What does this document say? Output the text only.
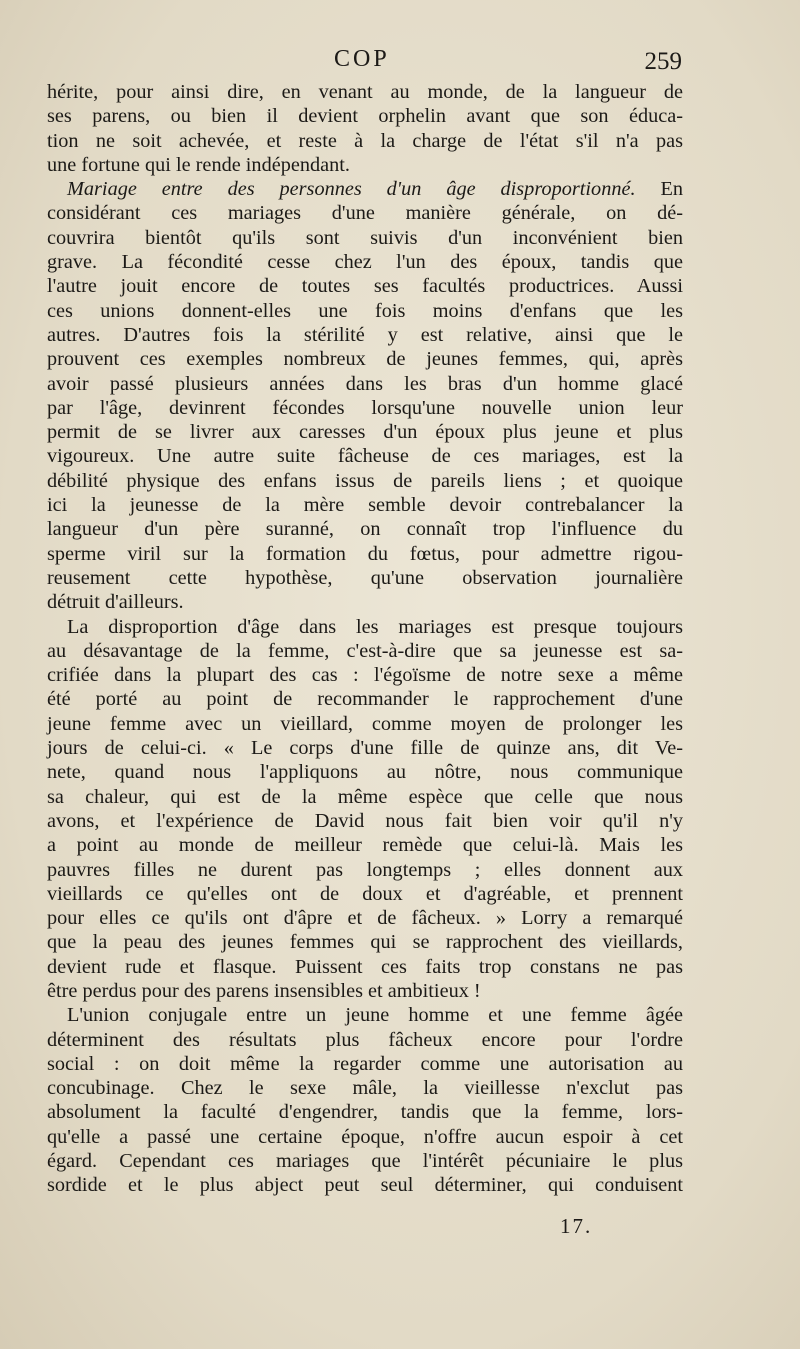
COP	259

hérite, pour ainsi dire, en venant au monde, de la langueur de
ses parens, ou bien il devient orphelin avant que son éduca-
tion ne soit achevée, et reste à la charge de l'état s'il n'a pas
une fortune qui le rende indépendant.

Mariage entre des personnes d'un âge disproportionné. En
considérant ces mariages d'une manière générale, on dé-
couvrira bientôt qu'ils sont suivis d'un inconvénient bien
grave. La fécondité cesse chez l'un des époux, tandis que
l'autre jouit encore de toutes ses facultés productrices. Aussi
ces unions donnent-elles une fois moins d'enfans que les
autres. D'autres fois la stérilité y est relative, ainsi que le
prouvent ces exemples nombreux de jeunes femmes, qui, après
avoir passé plusieurs années dans les bras d'un homme glacé
par l'âge, devinrent fécondes lorsqu'une nouvelle union leur
permit de se livrer aux caresses d'un époux plus jeune et plus
vigoureux. Une autre suite fâcheuse de ces mariages, est la
débilité physique des enfans issus de pareils liens ; et quoique
ici la jeunesse de la mère semble devoir contrebalancer la
langueur d'un père suranné, on connaît trop l'influence du
sperme viril sur la formation du fœtus, pour admettre rigou-
reusement cette hypothèse, qu'une observation journalière
détruit d'ailleurs.

La disproportion d'âge dans les mariages est presque toujours
au désavantage de la femme, c'est-à-dire que sa jeunesse est sa-
crifiée dans la plupart des cas : l'égoïsme de notre sexe a même
été porté au point de recommander le rapprochement d'une
jeune femme avec un vieillard, comme moyen de prolonger les
jours de celui-ci. « Le corps d'une fille de quinze ans, dit Ve-
nete, quand nous l'appliquons au nôtre, nous communique
sa chaleur, qui est de la même espèce que celle que nous
avons, et l'expérience de David nous fait bien voir qu'il n'y
a point au monde de meilleur remède que celui-là. Mais les
pauvres filles ne durent pas longtemps ; elles donnent aux
vieillards ce qu'elles ont de doux et d'agréable, et prennent
pour elles ce qu'ils ont d'âpre et de fâcheux. » Lorry a remarqué
que la peau des jeunes femmes qui se rapprochent des vieillards,
devient rude et flasque. Puissent ces faits trop constans ne pas
être perdus pour des parens insensibles et ambitieux !

L'union conjugale entre un jeune homme et une femme âgée
déterminent des résultats plus fâcheux encore pour l'ordre
social : on doit même la regarder comme une autorisation au
concubinage. Chez le sexe mâle, la vieillesse n'exclut pas
absolument la faculté d'engendrer, tandis que la femme, lors-
qu'elle a passé une certaine époque, n'offre aucun espoir à cet
égard. Cependant ces mariages que l'intérêt pécuniaire le plus
sordide et le plus abject peut seul déterminer, qui conduisent

17.
